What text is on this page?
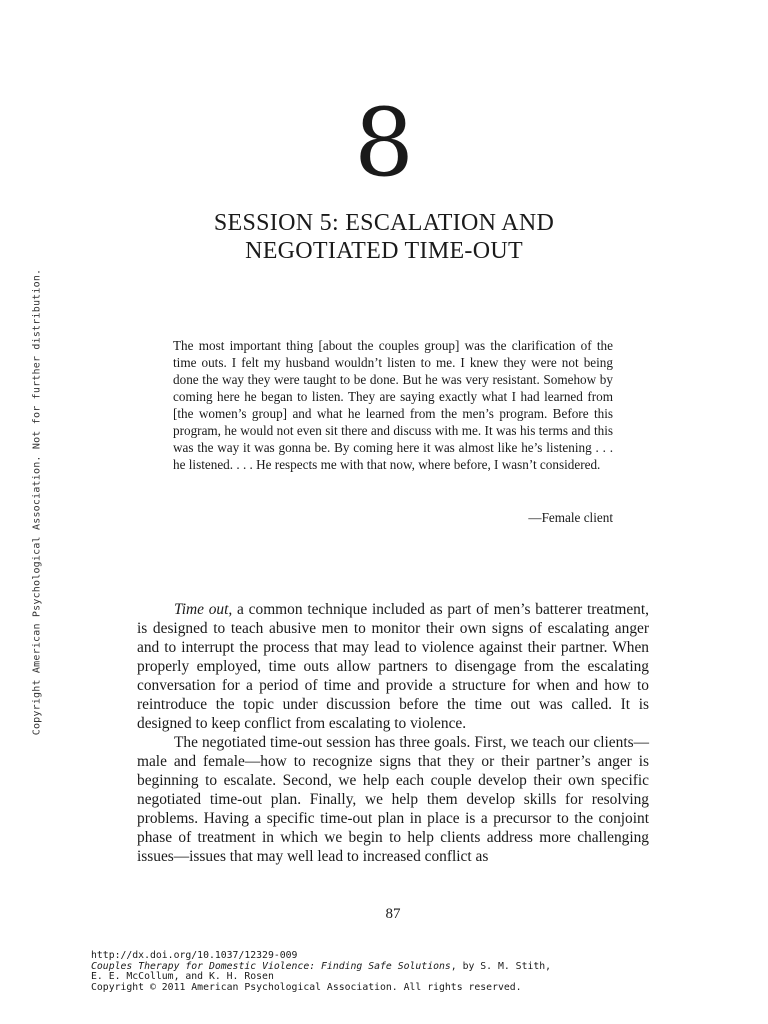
Copyright American Psychological Association. Not for further distribution.
8
SESSION 5: ESCALATION AND
NEGOTIATED TIME-OUT
The most important thing [about the couples group] was the clarification of the time outs. I felt my husband wouldn’t listen to me. I knew they were not being done the way they were taught to be done. But he was very resistant. Somehow by coming here he began to listen. They are saying exactly what I had learned from [the women’s group] and what he learned from the men’s program. Before this program, he would not even sit there and discuss with me. It was his terms and this was the way it was gonna be. By coming here it was almost like he’s listening . . . he listened. . . . He respects me with that now, where before, I wasn’t considered.
—Female client

Time out, a common technique included as part of men’s batterer treatment, is designed to teach abusive men to monitor their own signs of escalating anger and to interrupt the process that may lead to violence against their partner. When properly employed, time outs allow partners to disengage from the escalating conversation for a period of time and provide a structure for when and how to reintroduce the topic under discussion before the time out was called. It is designed to keep conflict from escalating to violence.

The negotiated time-out session has three goals. First, we teach our clients—male and female—how to recognize signs that they or their partner’s anger is beginning to escalate. Second, we help each couple develop their own specific negotiated time-out plan. Finally, we help them develop skills for resolving problems. Having a specific time-out plan in place is a precursor to the conjoint phase of treatment in which we begin to help clients address more challenging issues—issues that may well lead to increased conflict as

87
http://dx.doi.org/10.1037/12329-009
Couples Therapy for Domestic Violence: Finding Safe Solutions, by S. M. Stith,
E. E. McCollum, and K. H. Rosen
Copyright © 2011 American Psychological Association. All rights reserved.
